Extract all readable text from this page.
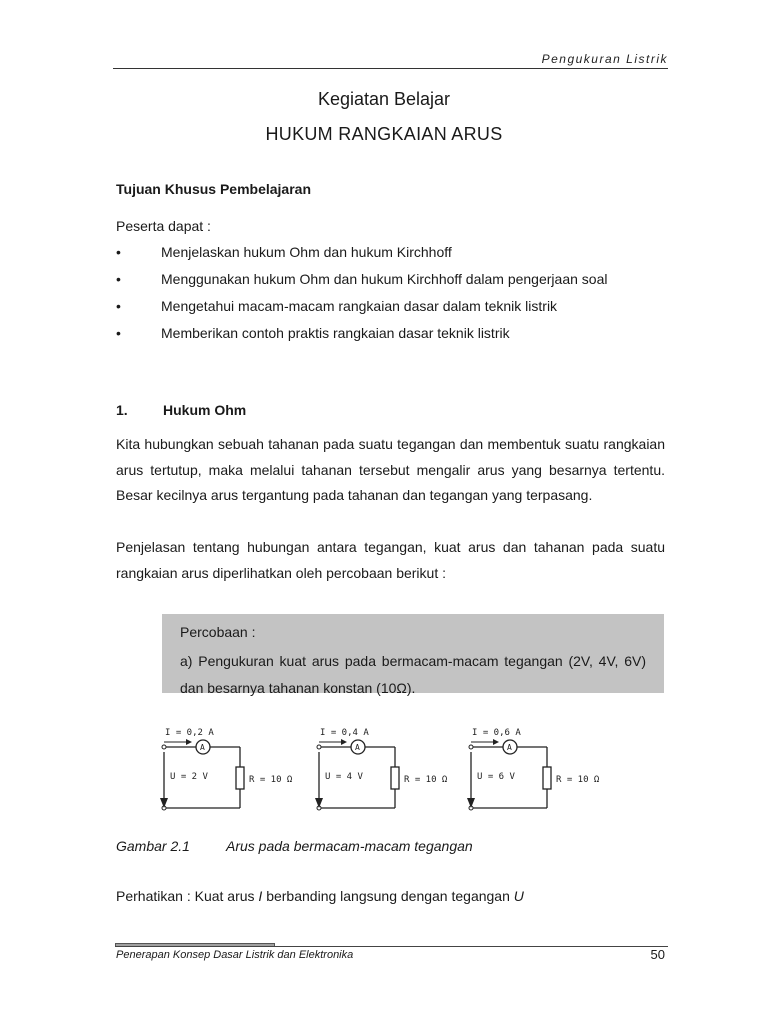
Pengukuran Listrik
Kegiatan Belajar
HUKUM RANGKAIAN ARUS
Tujuan Khusus Pembelajaran
Peserta dapat :
•	Menjelaskan hukum Ohm dan hukum Kirchhoff
•	Menggunakan hukum Ohm dan hukum Kirchhoff dalam pengerjaan soal
•	Mengetahui macam-macam rangkaian dasar dalam teknik listrik
•	Memberikan contoh praktis rangkaian dasar teknik listrik
1.	Hukum Ohm
Kita hubungkan sebuah tahanan pada suatu tegangan dan membentuk suatu rangkaian arus tertutup, maka melalui tahanan tersebut mengalir arus yang besarnya tertentu. Besar kecilnya arus tergantung pada tahanan dan tegangan yang terpasang.
Penjelasan tentang hubungan antara tegangan, kuat arus dan tahanan pada suatu rangkaian arus diperlihatkan oleh percobaan berikut :
Percobaan :
a) Pengukuran kuat arus pada bermacam-macam tegangan (2V, 4V, 6V) dan besarnya tahanan konstan (10Ω).
I = 0,2 A
A
U = 2 V	R = 10 Ω
I = 0,4 A
A
U = 4 V	R = 10 Ω
I = 0,6 A
A
U = 6 V	R = 10 Ω
Gambar 2.1	Arus pada bermacam-macam tegangan
Perhatikan : Kuat arus I berbanding langsung dengan tegangan U
Penerapan Konsep Dasar Listrik dan Elektronika	50
